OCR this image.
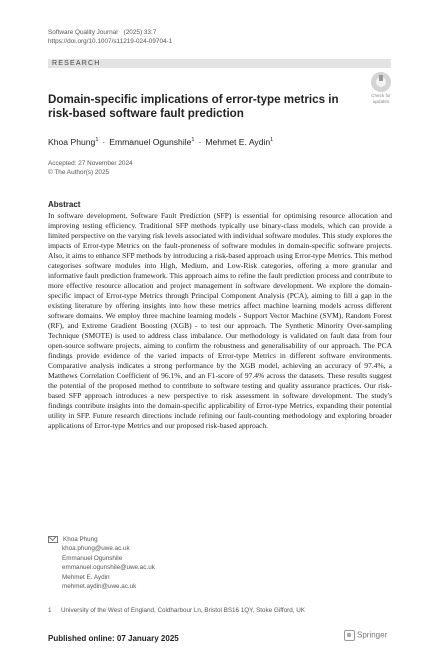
Software Quality Journal (2025) 33:7
https://doi.org/10.1007/s11219-024-09704-1
RESEARCH
Check for
updates
Domain-specific implications of error-type metrics in risk-based software fault prediction
Khoa Phung$^1$ · Emmanuel Ogunshile$^1$ · Mehmet E. Aydin$^1$
Accepted: 27 November 2024
© The Author(s) 2025
Abstract

In software development, Software Fault Prediction (SFP) is essential for optimising resource allocation and improving testing efficiency. Traditional SFP methods typically use binary-class models, which can provide a limited perspective on the varying risk levels associated with individual software modules. This study explores the impacts of Error-type Metrics on the fault-proneness of software modules in domain-specific software projects. Also, it aims to enhance SFP methods by introducing a risk-based approach using Error-type Metrics. This method categorises software modules into High, Medium, and Low-Risk categories, offering a more granular and informative fault prediction framework. This approach aims to refine the fault prediction process and contribute to more effective resource allocation and project management in software development. We explore the domain-specific impact of Error-type Metrics through Principal Component Analysis (PCA), aiming to fill a gap in the existing literature by offering insights into how these metrics affect machine learning models across different software domains. We employ three machine learning models - Support Vector Machine (SVM), Random Forest (RF), and Extreme Gradient Boosting (XGB) - to test our approach. The Synthetic Minority Over-sampling Technique (SMOTE) is used to address class imbalance. Our methodology is validated on fault data from four open-source software projects, aiming to confirm the robustness and generalisability of our approach. The PCA findings provide evidence of the varied impacts of Error-type Metrics in different software environments. Comparative analysis indicates a strong performance by the XGB model, achieving an accuracy of 97.4%, a Matthews Correlation Coefficient of 96.1%, and an F1-score of 97.4% across the datasets. These results suggest the potential of the proposed method to contribute to software testing and quality assurance practices. Our risk-based SFP approach introduces a new perspective to risk assessment in software development. The study's findings contribute insights into the domain-specific applicability of Error-type Metrics, expanding their potential utility in SFP. Future research directions include refining our fault-counting methodology and exploring broader applications of Error-type Metrics and our proposed risk-based approach.

Khoa Phung
khoa.phung@uwe.ac.uk
Emmanuel Ogunshile
emmanuel.ogunshile@uwe.ac.uk
Mehmet E. Aydin
mehmet.aydin@uwe.ac.uk
1 University of the West of England, Coldharbour Ln, Bristol BS16 1QY, Stoke Gifford, UK
Published online: 07 January 2025	Springer
